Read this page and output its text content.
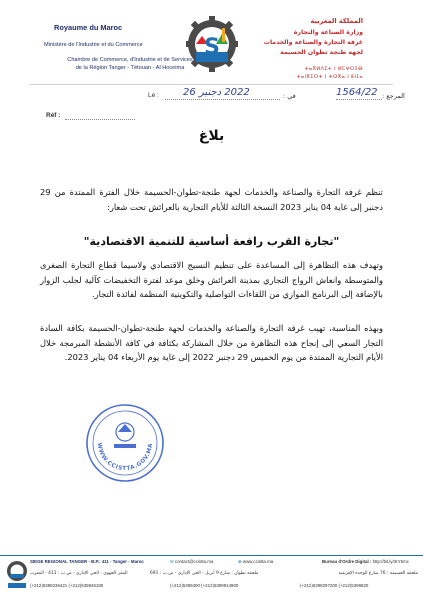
Royaume du Maroc
Ministère de l'Industrie et du Commerce
Chambre de Commerce, d'Industrie et de Services
de la Région Tanger - Tétouan - Al Hoceima
S
المملكة المغربية
وزارة الصناعة والتجارة
غرفة التجارة والصناعة والخدمات
لجهة طنجة تطوان الحسيمة
ⵜⴰⴳⵍⴷⵉⵜ ⵏ ⵍⵎⵖⵔⵉⴱ
ⵜⴰⵏⴳⵉⵔⵜ ⵏ ⵜⵙⴳⴰ ⵏ ⵟⵏⵊⴰ
Le : 2022 دجنبر 26	في :	1564/22 المرجع :
Réf :
بلاغ
تنظم غرفة التجارة والصناعة والخدمات لجهة طنجة-تطوان-الحسيمة خلال الفترة الممتدة من 29 دجنبر إلى غاية 04 يناير 2023 النسخة الثالثة للأيام التجارية بالعرائش تحت شعار:
"تجارة القرب رافعة أساسية للتنمية الاقتصادية"
وتهدف هذه التظاهرة إلى المساعدة على تنظيم النسيج الاقتصادي ولاسيما قطاع التجارة الصغرى والمتوسطة وانعاش الرواج التجاري بمدينة العرائش وخلق موعد لفترة التخفيضات كآلية لجلب الزوار بالإضافة إلى البرنامج الموازي من اللقاءات التواصلية والتكوينية المنظمة لفائدة التجار.
وبهذه المناسبة، تهيب غرفة التجارة والصناعة والخدمات لجهة طنجة-تطوان-الحسيمة بكافة السادة التجار السعي إلى إنجاح هذه التظاهرة من خلال المشاركة بكثافة في كافة الأنشطة المبرمجة خلال الأيام التجارية الممتدة من يوم الخميس 29 دجنبر 2022 إلى غاية يوم الأربعاء 04 يناير 2023.
WWW.CCISTTA.GOV.MA
SIEGE REGIONAL TANGER - B.P.: 411 - Tanger - Maroc	✉ contact@ccistta.ma	⊕ www.ccistta.ma	Bureau d'Ordre Digital : http://bit.ly/3rY5mc
المقر الجهوي - الحي الإداري - ص ب : 411 - المغرب	ملحقة تطوان : شارع 9 أبريل - الحي الإداري - ص.ب : 691	ملحقة الحسيمة : 76 شارع الوحدة الإفريقية
(+212)5399236421 (+212)539946180	(+212)5399400 (+212)5399914900	(+212)5398297200 (+212)5399820
